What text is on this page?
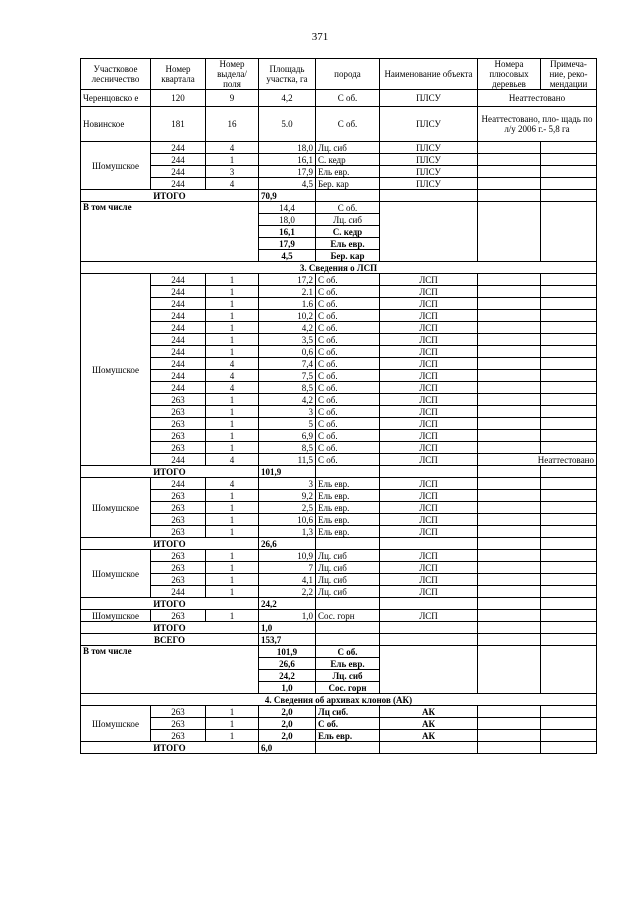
371
Участковое лесничество	Номер квартала	Номер выдела/ поля	Площадь участка, га	порода	Наименование объекта	Номера плюсовых деревьев	Примеча-ние, реко-мендации
Черенцовско е	120	9	4,2	С об.	ПЛСУ	Неаттестовано	
Новинское	181	16	5.0	С об.	ПЛСУ	Неаттестовано, пло- щадь по л/у 2006 г.- 5,8 га	
Шомушское	244	4	18,0	Лц. сиб	ПЛСУ		
	244	1	16,1	С. кедр	ПЛСУ		
	244	3	17,9	Ель евр.	ПЛСУ		
	244	4	4,5	Бер. кар	ПЛСУ		
ИТОГО			70,9				
В том числе			14,4	С об.			
			18,0	Лц. сиб			
			16,1	С. кедр			
			17,9	Ель евр.			
			4,5	Бер. кар			
3. Сведения о ЛСП							
Шомушское	244	1	17,2	С об.	ЛСП		
	244	1	2.1	С об.	ЛСП		
	244	1	1.6	С об.	ЛСП		
	244	1	10,2	С об.	ЛСП		
	244	1	4,2	С об.	ЛСП		
	244	1	3,5	С об.	ЛСП		
	244	1	0,6	С об.	ЛСП		
	244	4	7,4	С об.	ЛСП		
	244	4	7,5	С об.	ЛСП		
	244	4	8,5	С об.	ЛСП		
	263	1	4,2	С об.	ЛСП		
	263	1	3	С об.	ЛСП		
	263	1	5	С об.	ЛСП		
	263	1	6,9	С об.	ЛСП		
	263	1	8,5	С об.	ЛСП		
	244	4	11,5	С об.	ЛСП	Неаттестовано	
ИТОГО			101,9				
Шомушское	244	4	3	Ель евр.	ЛСП		
	263	1	9,2	Ель евр.	ЛСП		
	263	1	2,5	Ель евр.	ЛСП		
	263	1	10,6	Ель евр.	ЛСП		
	263	1	1,3	Ель евр.	ЛСП		
ИТОГО			26,6				
Шомушское	263	1	10,9	Лц. сиб	ЛСП		
	263	1	7	Лц. сиб	ЛСП		
	263	1	4,1	Лц. сиб	ЛСП		
	244	1	2,2	Лц. сиб	ЛСП		
ИТОГО			24,2				
Шомушское	263	1	1,0	Сос. горн	ЛСП		
ИТОГО			1,0				
ВСЕГО			153,7				
В том числе			101,9	С об.			
			26,6	Ель евр.			
			24,2	Лц. сиб			
			1,0	Сос. горн			
4. Сведения об архивах клонов (АК)							
Шомушское	263	1	2,0	Лц сиб.	АК		
	263	1	2,0	С об.	АК		
	263	1	2,0	Ель евр.	АК		
ИТОГО			6,0				
